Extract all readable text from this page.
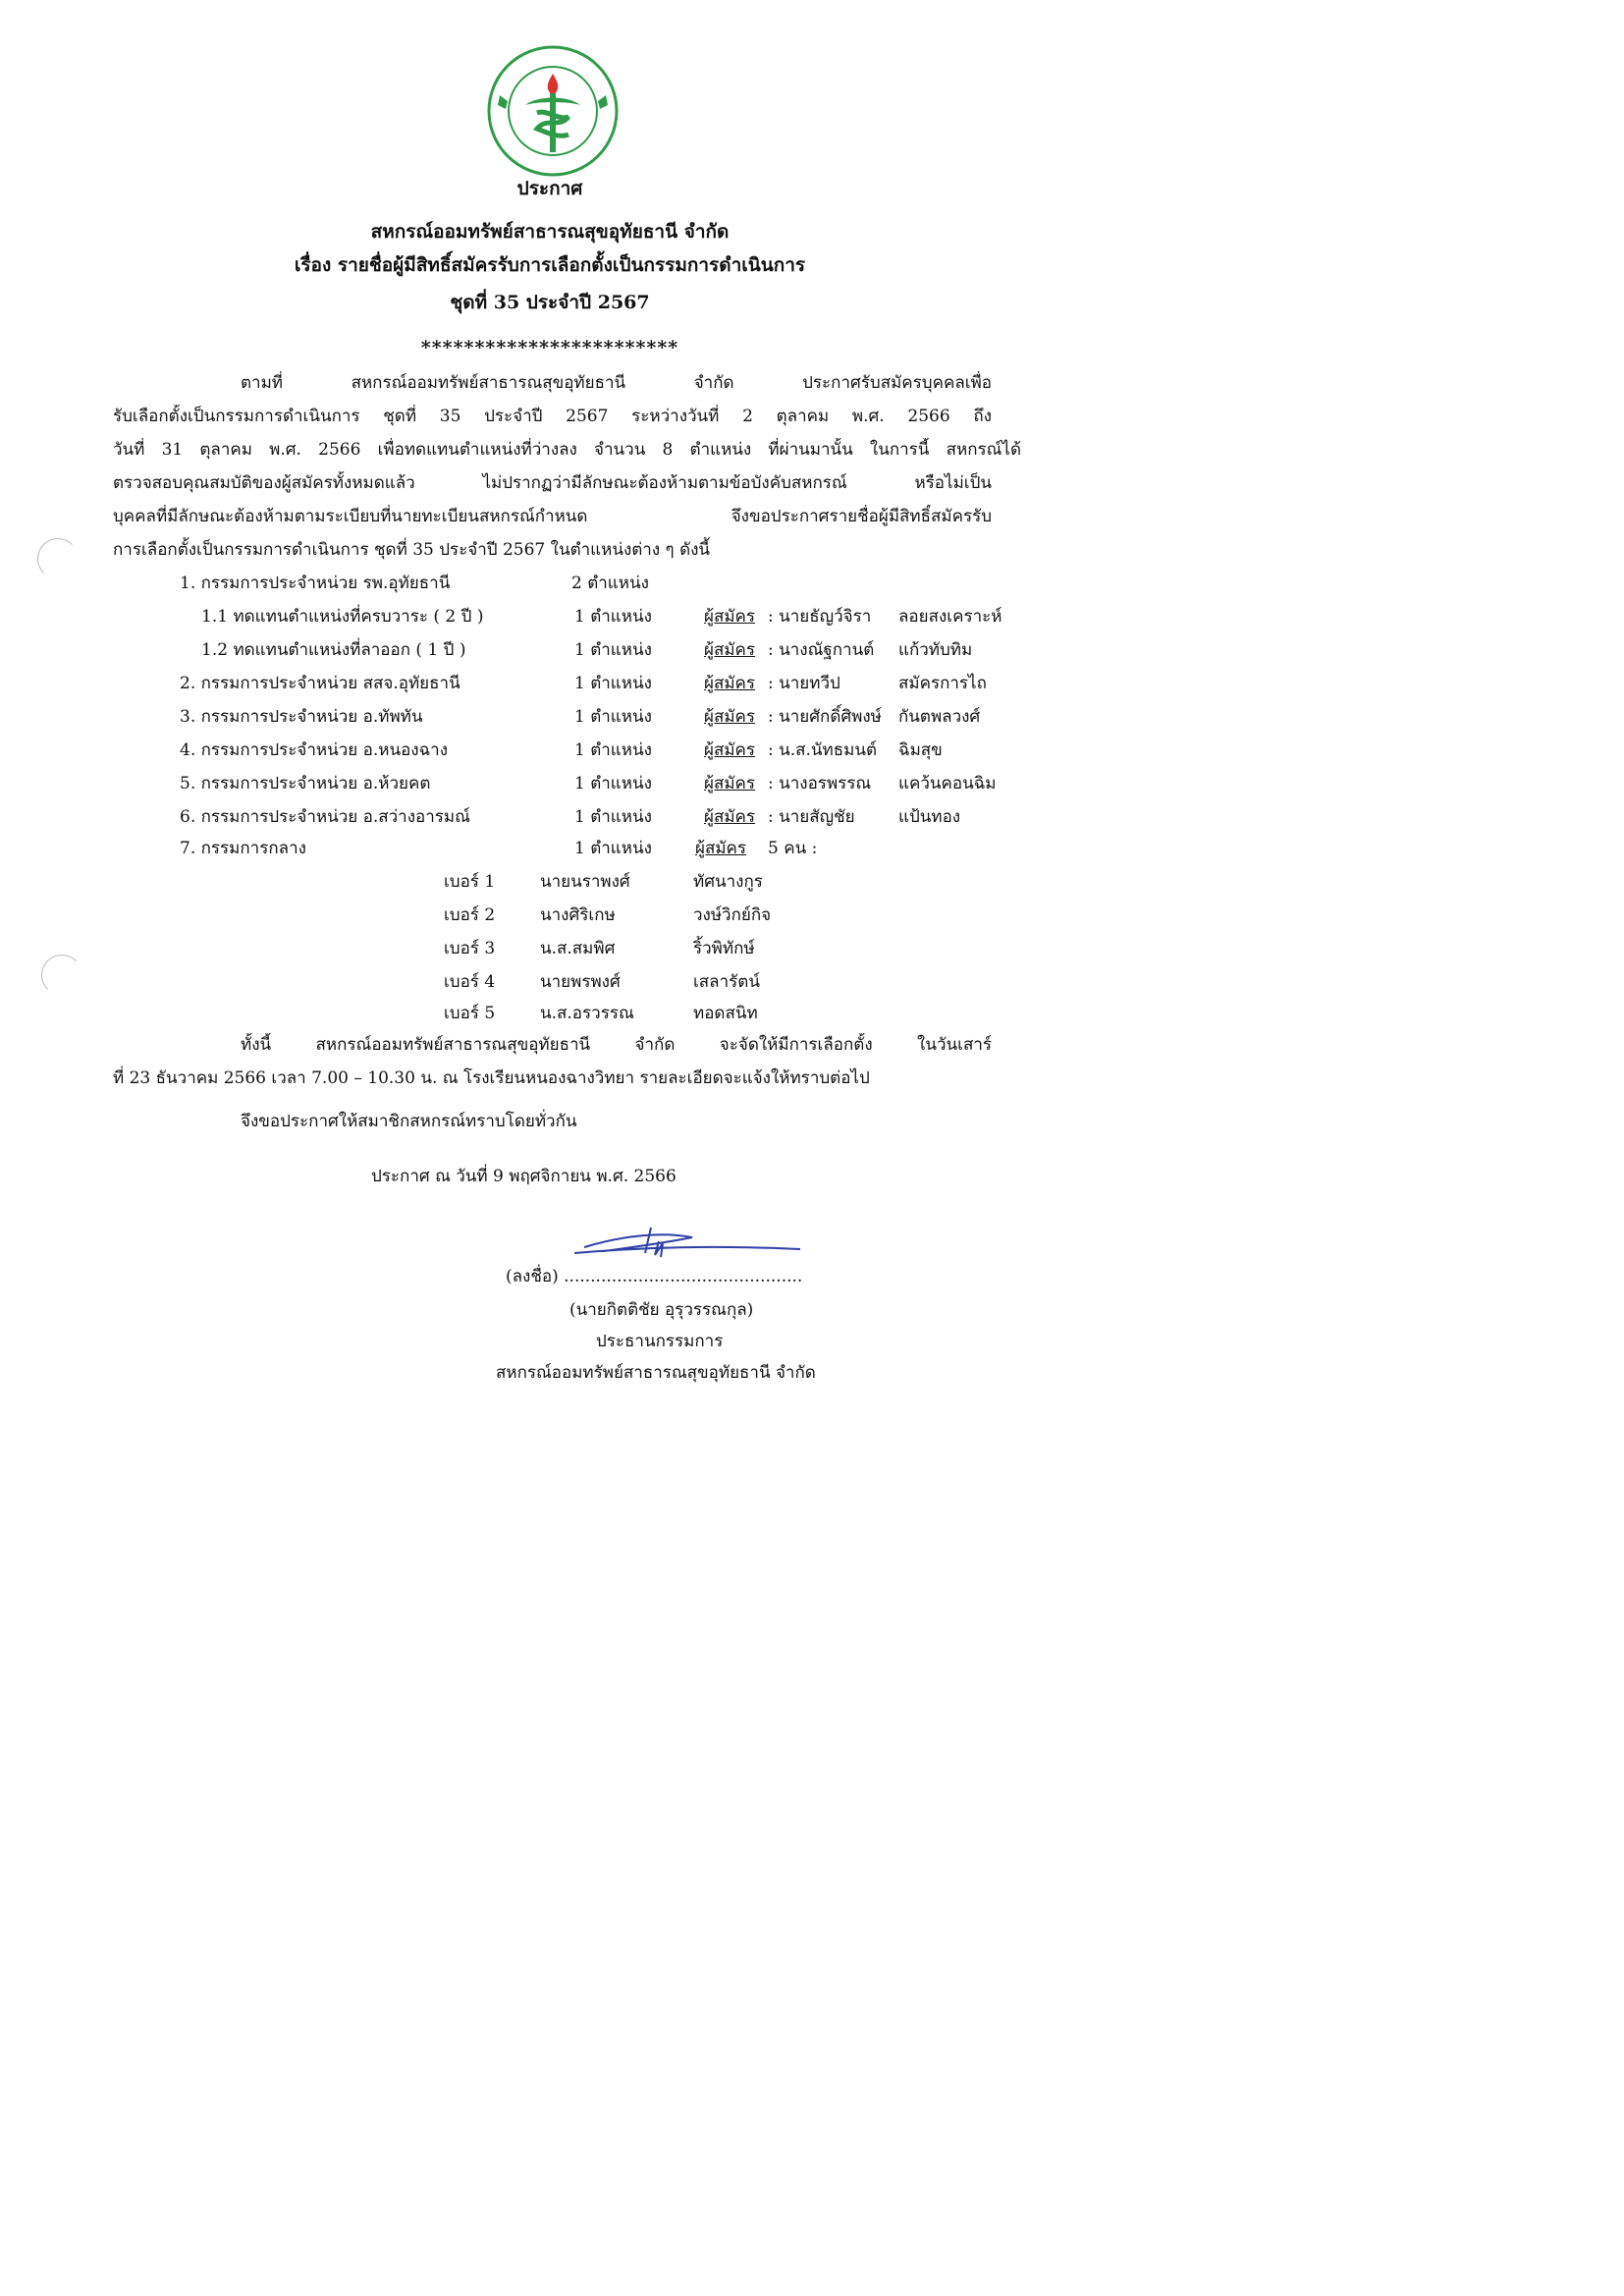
ประกาศ
สหกรณ์ออมทรัพย์สาธารณสุขอุทัยธานี จำกัด
เรื่อง รายชื่อผู้มีสิทธิ์สมัครรับการเลือกตั้งเป็นกรรมการดำเนินการ
ชุดที่ 35 ประจำปี 2567
************************
ตามที่ สหกรณ์ออมทรัพย์สาธารณสุขอุทัยธานี จำกัด ประกาศรับสมัครบุคคลเพื่อ
รับเลือกตั้งเป็นกรรมการดำเนินการ ชุดที่ 35 ประจำปี 2567 ระหว่างวันที่ 2 ตุลาคม พ.ศ. 2566 ถึง
วันที่ 31 ตุลาคม พ.ศ. 2566 เพื่อทดแทนตำแหน่งที่ว่างลง จำนวน 8 ตำแหน่ง ที่ผ่านมานั้น ในการนี้ สหกรณ์ได้
ตรวจสอบคุณสมบัติของผู้สมัครทั้งหมดแล้ว ไม่ปรากฏว่ามีลักษณะต้องห้ามตามข้อบังคับสหกรณ์ หรือไม่เป็น
บุคคลที่มีลักษณะต้องห้ามตามระเบียบที่นายทะเบียนสหกรณ์กำหนด จึงขอประกาศรายชื่อผู้มีสิทธิ์สมัครรับ
การเลือกตั้งเป็นกรรมการดำเนินการ ชุดที่ 35 ประจำปี 2567 ในตำแหน่งต่าง ๆ ดังนี้
1. กรรมการประจำหน่วย รพ.อุทัยธานี	2 ตำแหน่ง
1.1 ทดแทนตำแหน่งที่ครบวาระ ( 2 ปี )	1 ตำแหน่ง	ผู้สมัคร : นายธัญว์จิรา ลอยสงเคราะห์
1.2 ทดแทนตำแหน่งที่ลาออก ( 1 ปี )	1 ตำแหน่ง	ผู้สมัคร : นางณัฐกานต์ แก้วทับทิม
2. กรรมการประจำหน่วย สสจ.อุทัยธานี	1 ตำแหน่ง	ผู้สมัคร : นายทวีป	สมัครการไถ
3. กรรมการประจำหน่วย อ.ทัพทัน	1 ตำแหน่ง	ผู้สมัคร : นายศักดิ์ศิพงษ์ กันตพลวงศ์
4. กรรมการประจำหน่วย อ.หนองฉาง	1 ตำแหน่ง	ผู้สมัคร : น.ส.นัทธมนต์ ฉิมสุข
5. กรรมการประจำหน่วย อ.ห้วยคต	1 ตำแหน่ง	ผู้สมัคร : นางอรพรรณ แคว้นคอนฉิม
6. กรรมการประจำหน่วย อ.สว่างอารมณ์	1 ตำแหน่ง	ผู้สมัคร : นายสัญชัย	แป้นทอง
7. กรรมการกลาง	1 ตำแหน่ง	ผู้สมัคร 5 คน :
เบอร์ 1	นายนราพงศ์	ทัศนางกูร
เบอร์ 2	นางศิริเกษ	วงษ์วิกย์กิจ
เบอร์ 3	น.ส.สมพิศ	ริ้วพิทักษ์
เบอร์ 4	นายพรพงศ์	เสลารัตน์
เบอร์ 5	น.ส.อรวรรณ	ทอดสนิท
ทั้งนี้ สหกรณ์ออมทรัพย์สาธารณสุขอุทัยธานี จำกัด จะจัดให้มีการเลือกตั้ง ในวันเสาร์
ที่ 23 ธันวาคม 2566 เวลา 7.00 – 10.30 น. ณ โรงเรียนหนองฉางวิทยา รายละเอียดจะแจ้งให้ทราบต่อไป
จึงขอประกาศให้สมาชิกสหกรณ์ทราบโดยทั่วกัน
ประกาศ ณ วันที่ 9 พฤศจิกายน พ.ศ. 2566
(ลงชื่อ) .............................................
(นายกิตติชัย อุรุวรรณกุล)
ประธานกรรมการ
สหกรณ์ออมทรัพย์สาธารณสุขอุทัยธานี จำกัด
